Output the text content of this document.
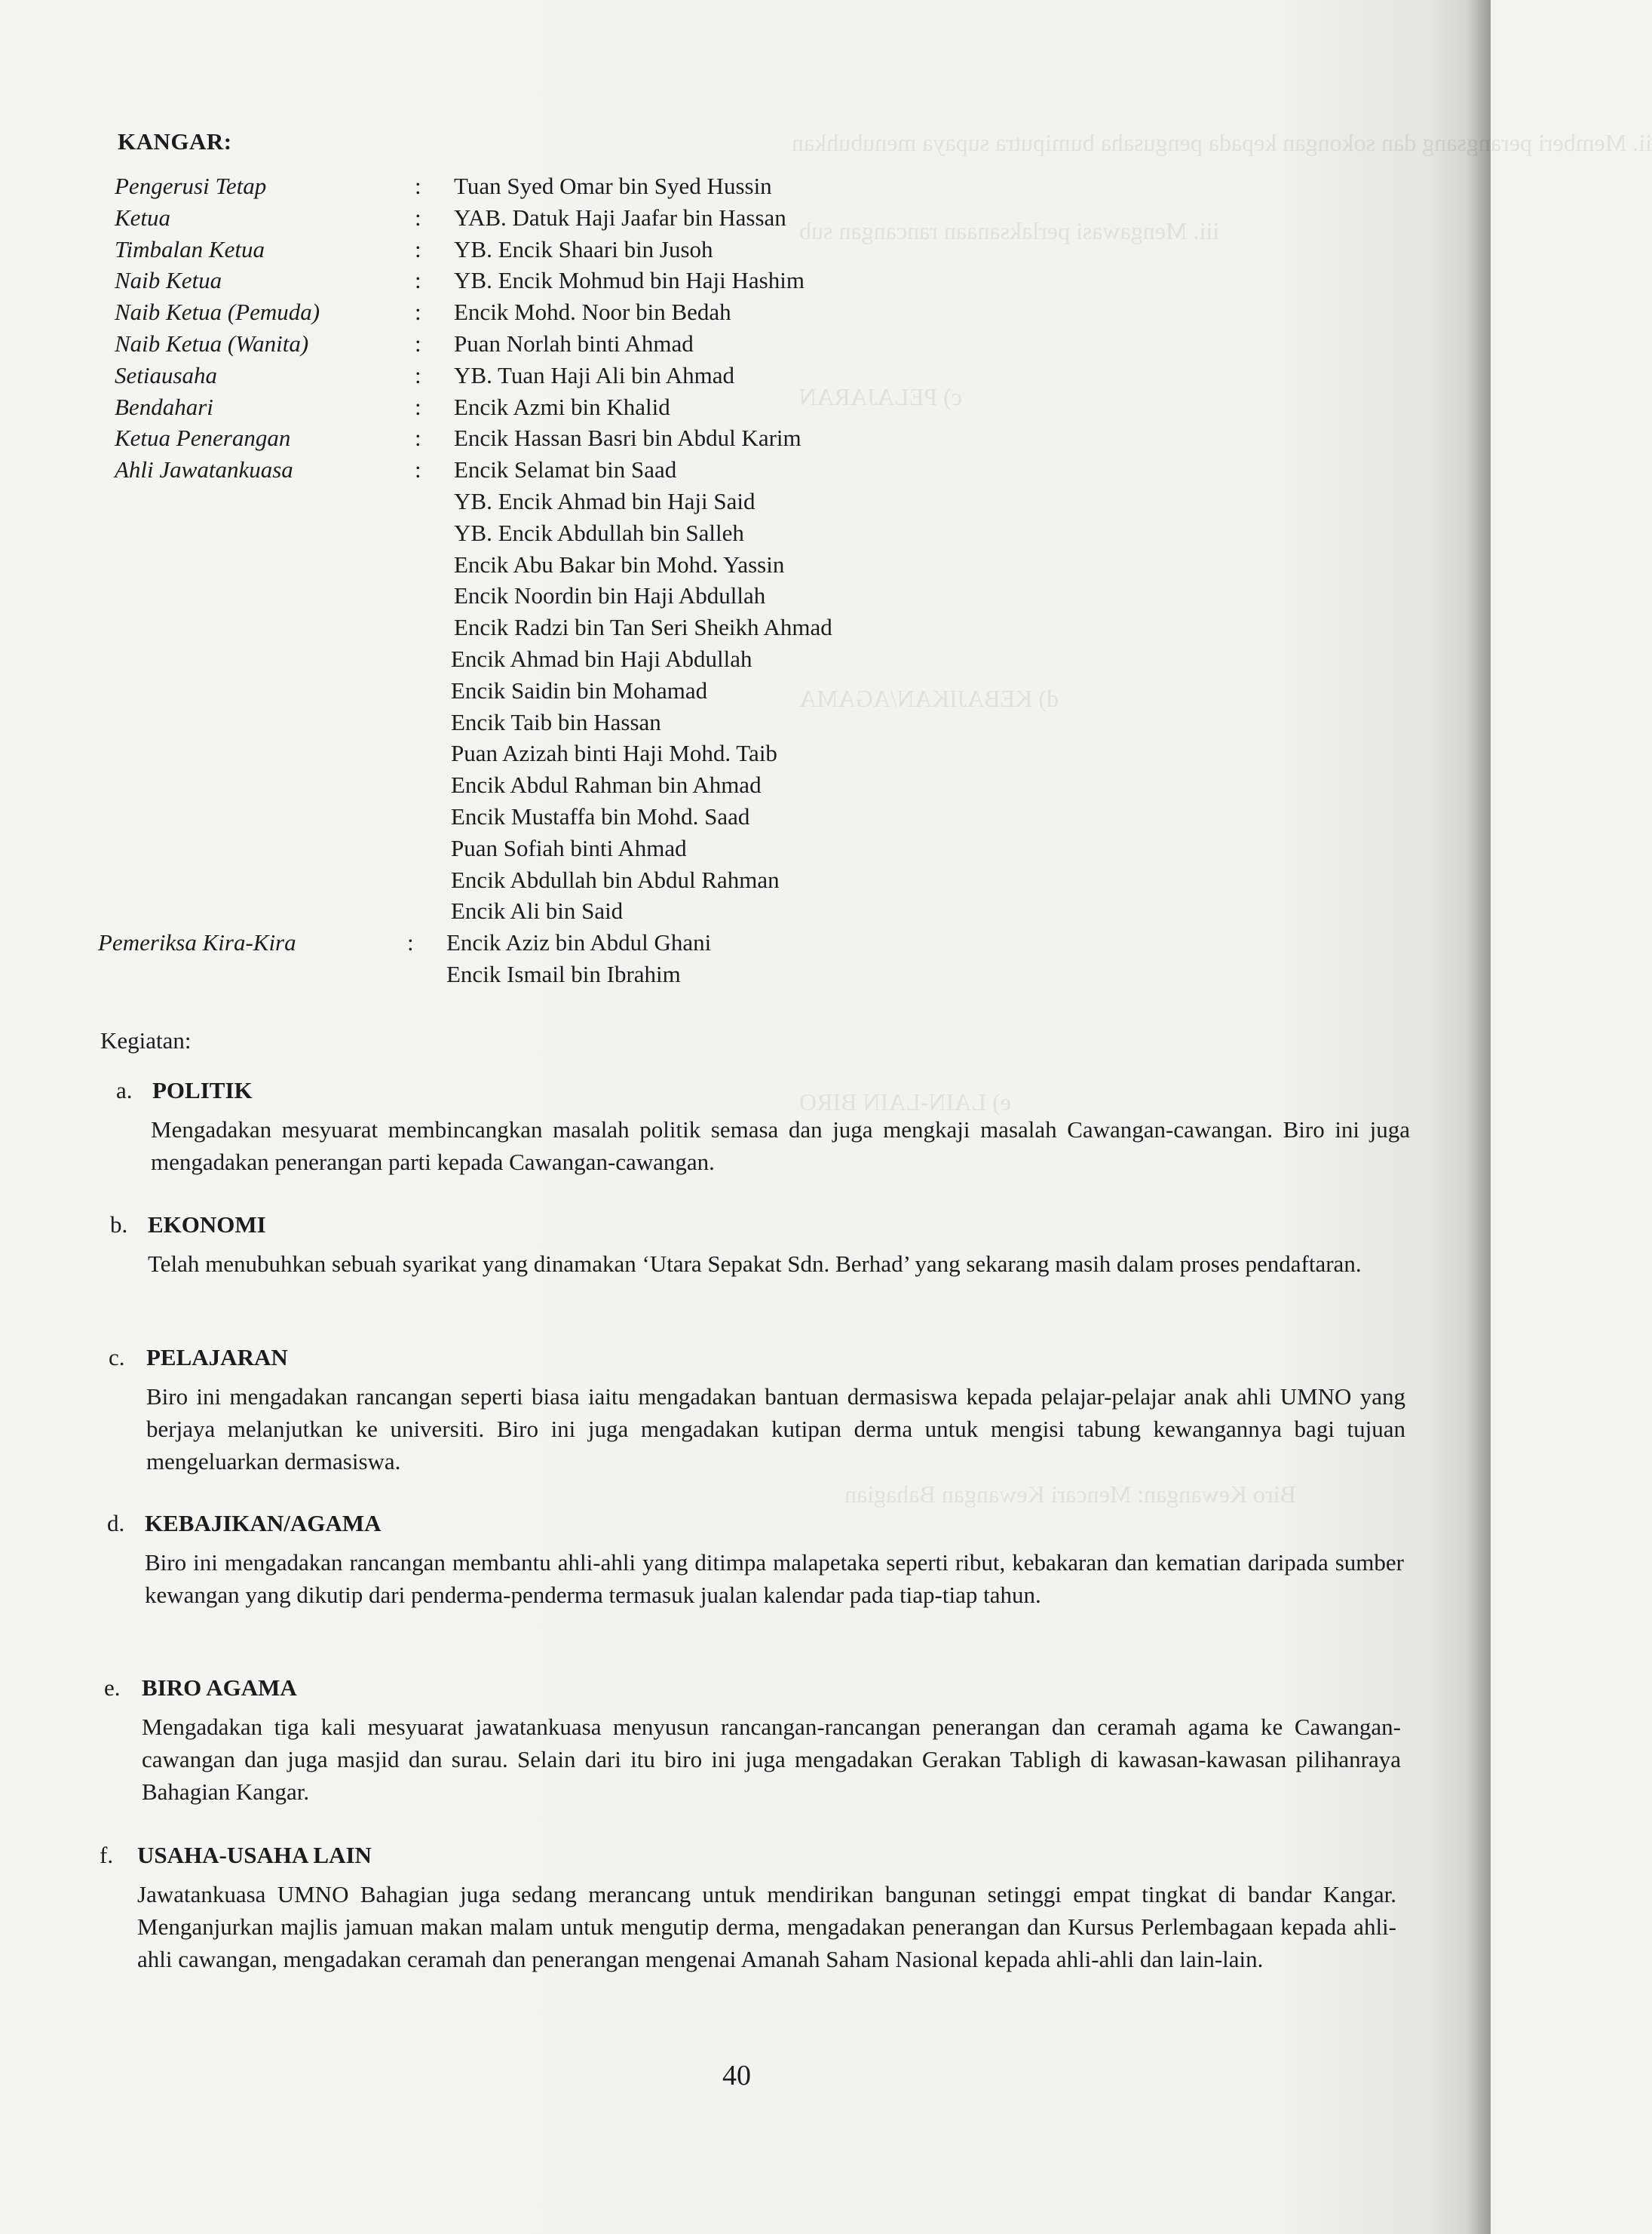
ii. Memberi perangsang dan sokongan kepada pengusaha bumiputra supaya menubuhkan
iii. Mengawasi perlaksanaan rancangan sub
c) PELAJARAN
d) KEBAJIKAN/AGAMA
e) LAIN-LAIN BIRO
Biro Kewangan: Mencari Kewangan Bahagian
KANGAR:
Pengerusi Tetap	: Tuan Syed Omar bin Syed Hussin
Ketua	: YAB. Datuk Haji Jaafar bin Hassan
Timbalan Ketua	: YB. Encik Shaari bin Jusoh
Naib Ketua	: YB. Encik Mohmud bin Haji Hashim
Naib Ketua (Pemuda)	: Encik Mohd. Noor bin Bedah
Naib Ketua (Wanita)	: Puan Norlah binti Ahmad
Setiausaha	: YB. Tuan Haji Ali bin Ahmad
Bendahari	: Encik Azmi bin Khalid
Ketua Penerangan	: Encik Hassan Basri bin Abdul Karim
Ahli Jawatankuasa	: Encik Selamat bin Saad
YB. Encik Ahmad bin Haji Said
YB. Encik Abdullah bin Salleh
Encik Abu Bakar bin Mohd. Yassin
Encik Noordin bin Haji Abdullah
Encik Radzi bin Tan Seri Sheikh Ahmad
Encik Ahmad bin Haji Abdullah
Encik Saidin bin Mohamad
Encik Taib bin Hassan
Puan Azizah binti Haji Mohd. Taib
Encik Abdul Rahman bin Ahmad
Encik Mustaffa bin Mohd. Saad
Puan Sofiah binti Ahmad
Encik Abdullah bin Abdul Rahman
Encik Ali bin Said
Pemeriksa Kira-Kira	: Encik Aziz bin Abdul Ghani
Encik Ismail bin Ibrahim
Kegiatan:
a. POLITIK
Mengadakan mesyuarat membincangkan masalah politik semasa dan juga mengkaji masalah Cawangan-cawangan. Biro ini juga mengadakan penerangan parti kepada Cawangan-cawangan.
b. EKONOMI
Telah menubuhkan sebuah syarikat yang dinamakan ‘Utara Sepakat Sdn. Berhad’ yang sekarang masih dalam proses pendaftaran.
c. PELAJARAN
Biro ini mengadakan rancangan seperti biasa iaitu mengadakan bantuan dermasiswa kepada pelajar-pelajar anak ahli UMNO yang berjaya melanjutkan ke universiti. Biro ini juga mengadakan kutipan derma untuk mengisi tabung kewangannya bagi tujuan mengeluarkan dermasiswa.
d. KEBAJIKAN/AGAMA
Biro ini mengadakan rancangan membantu ahli-ahli yang ditimpa malapetaka seperti ribut, kebakaran dan kematian daripada sumber kewangan yang dikutip dari penderma-penderma termasuk jualan kalendar pada tiap-tiap tahun.
e. BIRO AGAMA
Mengadakan tiga kali mesyuarat jawatankuasa menyusun rancangan-rancangan penerangan dan ceramah agama ke Cawangan-cawangan dan juga masjid dan surau. Selain dari itu biro ini juga mengadakan Gerakan Tabligh di kawasan-kawasan pilihanraya Bahagian Kangar.
f. USAHA-USAHA LAIN
Jawatankuasa UMNO Bahagian juga sedang merancang untuk mendirikan bangunan setinggi empat tingkat di bandar Kangar. Menganjurkan majlis jamuan makan malam untuk mengutip derma, mengadakan penerangan dan Kursus Perlembagaan kepada ahli-ahli cawangan, mengadakan ceramah dan penerangan mengenai Amanah Saham Nasional kepada ahli-ahli dan lain-lain.
40
